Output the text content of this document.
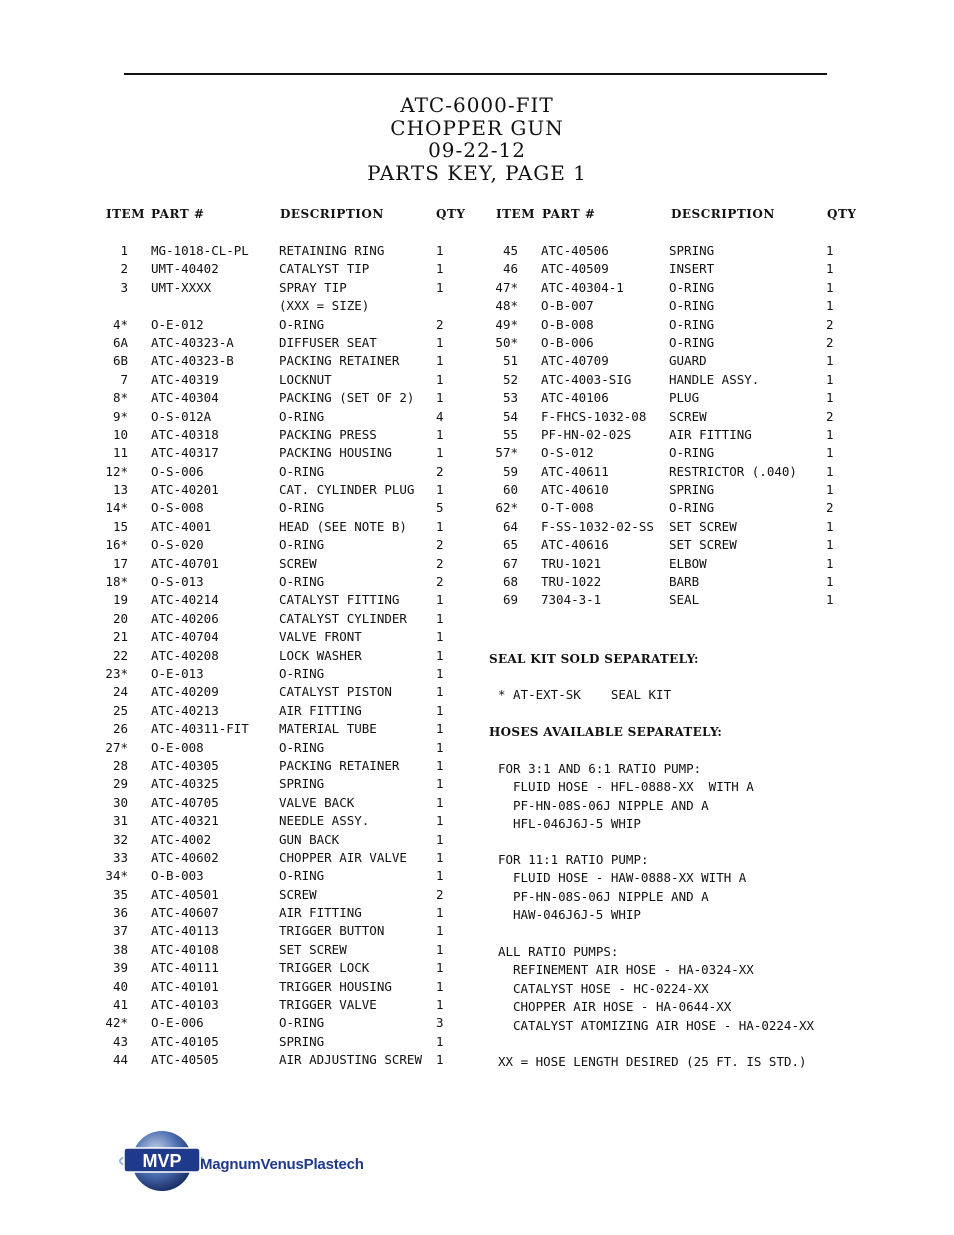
ATC-6000-FIT
CHOPPER GUN
09-22-12
PARTS KEY, PAGE 1
ITEM PART #	DESCRIPTION	QTY	ITEM PART #	DESCRIPTION	QTY
1 MG-1018-CL-PL RETAINING RING	1
2 UMT-40402	CATALYST TIP	1
3 UMT-XXXX	SPRAY TIP	1
(XXX = SIZE)
4* O-E-012	O-RING	2
6A ATC-40323-A	DIFFUSER SEAT	1
6B ATC-40323-B	PACKING RETAINER	1
7 ATC-40319	LOCKNUT	1
8* ATC-40304	PACKING (SET OF 2) 1
9* O-S-012A	O-RING	4
10 ATC-40318	PACKING PRESS	1
11 ATC-40317	PACKING HOUSING	1
12* O-S-006	O-RING	2
13 ATC-40201	CAT. CYLINDER PLUG 1
14* O-S-008	O-RING	5
15 ATC-4001	HEAD (SEE NOTE B) 1
16* O-S-020	O-RING	2
17 ATC-40701	SCREW	2
18* O-S-013	O-RING	2
19 ATC-40214	CATALYST FITTING	1
20 ATC-40206	CATALYST CYLINDER 1
21 ATC-40704	VALVE FRONT	1
22 ATC-40208	LOCK WASHER	1
23* O-E-013	O-RING	1
24 ATC-40209	CATALYST PISTON	1
25 ATC-40213	AIR FITTING	1
26 ATC-40311-FIT MATERIAL TUBE	1
27* O-E-008	O-RING	1
28 ATC-40305	PACKING RETAINER	1
29 ATC-40325	SPRING	1
30 ATC-40705	VALVE BACK	1
31 ATC-40321	NEEDLE ASSY.	1
32 ATC-4002	GUN BACK	1
33 ATC-40602	CHOPPER AIR VALVE 1
34* O-B-003	O-RING	1
35 ATC-40501	SCREW	2
36 ATC-40607	AIR FITTING	1
37 ATC-40113	TRIGGER BUTTON	1
38 ATC-40108	SET SCREW	1
39 ATC-40111	TRIGGER LOCK	1
40 ATC-40101	TRIGGER HOUSING	1
41 ATC-40103	TRIGGER VALVE	1
42* O-E-006	O-RING	3
43 ATC-40105	SPRING	1
44 ATC-40505	AIR ADJUSTING SCREW 1
45 ATC-40506	SPRING	1
46 ATC-40509	INSERT	1
47* ATC-40304-1	O-RING	1
48* O-B-007	O-RING	1
49* O-B-008	O-RING	2
50* O-B-006	O-RING	2
51 ATC-40709	GUARD	1
52 ATC-4003-SIG	HANDLE ASSY.	1
53 ATC-40106	PLUG	1
54 F-FHCS-1032-08 SCREW	2
55 PF-HN-02-02S	AIR FITTING	1
57* O-S-012	O-RING	1
59 ATC-40611	RESTRICTOR (.040) 1
60 ATC-40610	SPRING	1
62* O-T-008	O-RING	2
64 F-SS-1032-02-SS SET SCREW	1
65 ATC-40616	SET SCREW	1
67 TRU-1021	ELBOW	1
68 TRU-1022	BARB	1
69 7304-3-1	SEAL	1
SEAL KIT SOLD SEPARATELY:
* AT-EXT-SK    SEAL KIT
HOSES AVAILABLE SEPARATELY:
FOR 3:1 AND 6:1 RATIO PUMP:
FLUID HOSE - HFL-0888-XX  WITH A
PF-HN-08S-06J NIPPLE AND A
HFL-046J6J-5 WHIP
FOR 11:1 RATIO PUMP:
FLUID HOSE - HAW-0888-XX WITH A
PF-HN-08S-06J NIPPLE AND A
HAW-046J6J-5 WHIP
ALL RATIO PUMPS:
REFINEMENT AIR HOSE - HA-0324-XX
CATALYST HOSE - HC-0224-XX
CHOPPER AIR HOSE - HA-0644-XX
CATALYST ATOMIZING AIR HOSE - HA-0224-XX
XX = HOSE LENGTH DESIRED (25 FT. IS STD.)
MVP MagnumVenusPlastech
